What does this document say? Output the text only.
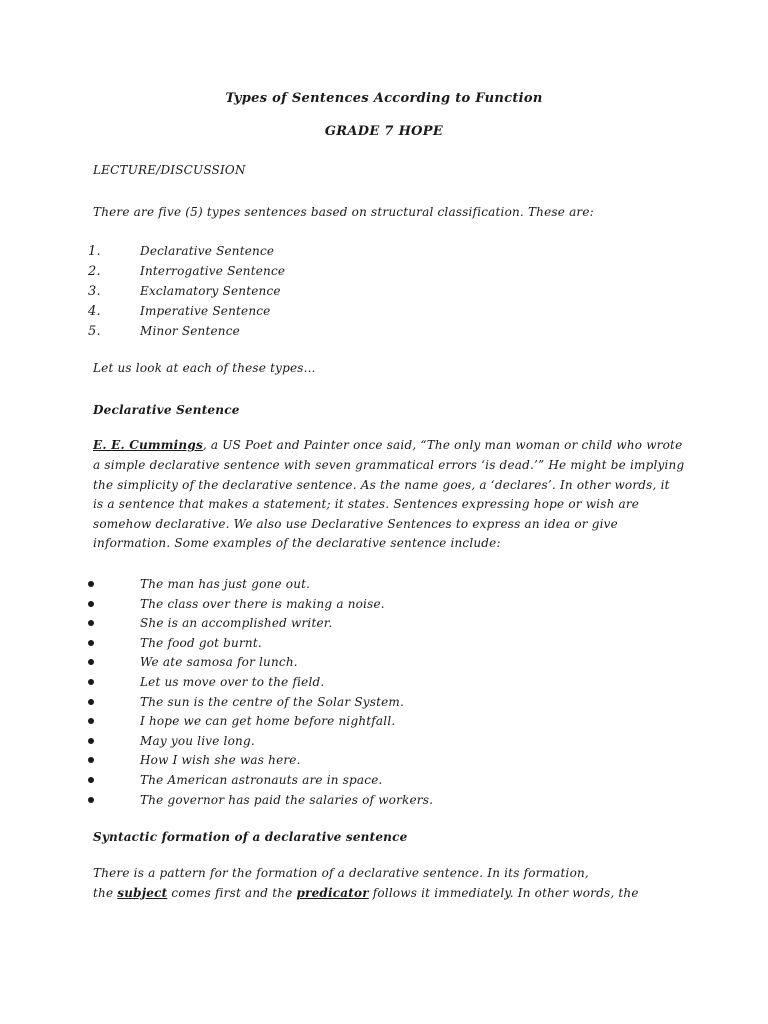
Types of Sentences According to Function
GRADE 7 HOPE
LECTURE/DISCUSSION
There are five (5) types sentences based on structural classification. These are:
1.	Declarative Sentence
2.	Interrogative Sentence
3.	Exclamatory Sentence
4.	Imperative Sentence
5.	Minor Sentence
Let us look at each of these types...
Declarative Sentence
E. E. Cummings, a US Poet and Painter once said, “The only man woman or child who wrote
a simple declarative sentence with seven grammatical errors ‘is dead.’” He might be implying
the simplicity of the declarative sentence. As the name goes, a ‘declares’. In other words, it
is a sentence that makes a statement; it states. Sentences expressing hope or wish are
somehow declarative. We also use Declarative Sentences to express an idea or give
information. Some examples of the declarative sentence include:
The man has just gone out.
The class over there is making a noise.
She is an accomplished writer.
The food got burnt.
We ate samosa for lunch.
Let us move over to the field.
The sun is the centre of the Solar System.
I hope we can get home before nightfall.
May you live long.
How I wish she was here.
The American astronauts are in space.
The governor has paid the salaries of workers.
Syntactic formation of a declarative sentence
There is a pattern for the formation of a declarative sentence. In its formation,
the subject comes first and the predicator follows it immediately. In other words, the
